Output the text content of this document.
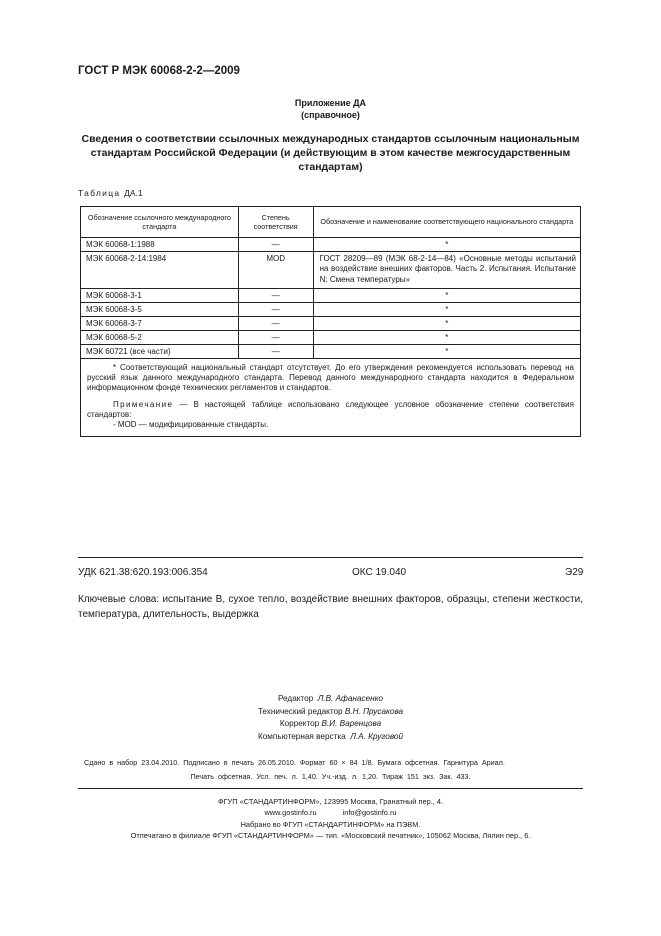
ГОСТ Р МЭК 60068-2-2—2009
Приложение ДА
(справочное)
Сведения о соответствии ссылочных международных стандартов ссылочным национальным стандартам Российской Федерации (и действующим в этом качестве межгосударственным стандартам)
Таблица ДА.1
Обозначение ссылочного международного стандарта	Степень соответствия	Обозначение и наименование соответствующего национального стандарта
МЭК 60068-1:1988	—	*
МЭК 60068-2-14:1984	MOD	ГОСТ 28209—89 (МЭК 68-2-14—84) «Основные методы испытаний на воздействие внешних факторов. Часть 2. Испытания. Испытание N: Смена температуры»
МЭК 60068-3-1	—	*
МЭК 60068-3-5	—	*
МЭК 60068-3-7	—	*
МЭК 60068-5-2	—	*
МЭК 60721 (все части)	—	*

* Соответствующий национальный стандарт отсутствует. До его утверждения рекомендуется использовать перевод на русский язык данного международного стандарта. Перевод данного международного стандарта находится в Федеральном информационном фонде технических регламентов и стандартов.

Примечание — В настоящей таблице использовано следующее условное обозначение степени соответствия стандартов:

- MOD — модифицированные стандарты.		
УДК 621.38:620.193:006.354	ОКС 19.040	Э29
Ключевые слова: испытание В, сухое тепло, воздействие внешних факторов, образцы, степени жесткости, температура, длительность, выдержка
Редактор Л.В. Афанасенко
Технический редактор В.Н. Прусакова
Корректор В.И. Варенцова
Компьютерная верстка Л.А. Круговой
Сдано в набор 23.04.2010. Подписано в печать 26.05.2010. Формат 60 × 84 1/8. Бумага офсетная. Гарнитура Ариал.
Печать офсетная. Усл. печ. л. 1,40. Уч.-изд. л. 1,20. Тираж 151 экз. Зак. 433.
ФГУП «СТАНДАРТИНФОРМ», 123995 Москва, Гранатный пер., 4.
www.gostinfo.ru	info@gostinfo.ru
Набрано во ФГУП «СТАНДАРТИНФОРМ» на ПЭВМ.
Отпечатано в филиале ФГУП «СТАНДАРТИНФОРМ» — тип. «Московский печатник», 105062 Москва, Лялин пер., 6.
